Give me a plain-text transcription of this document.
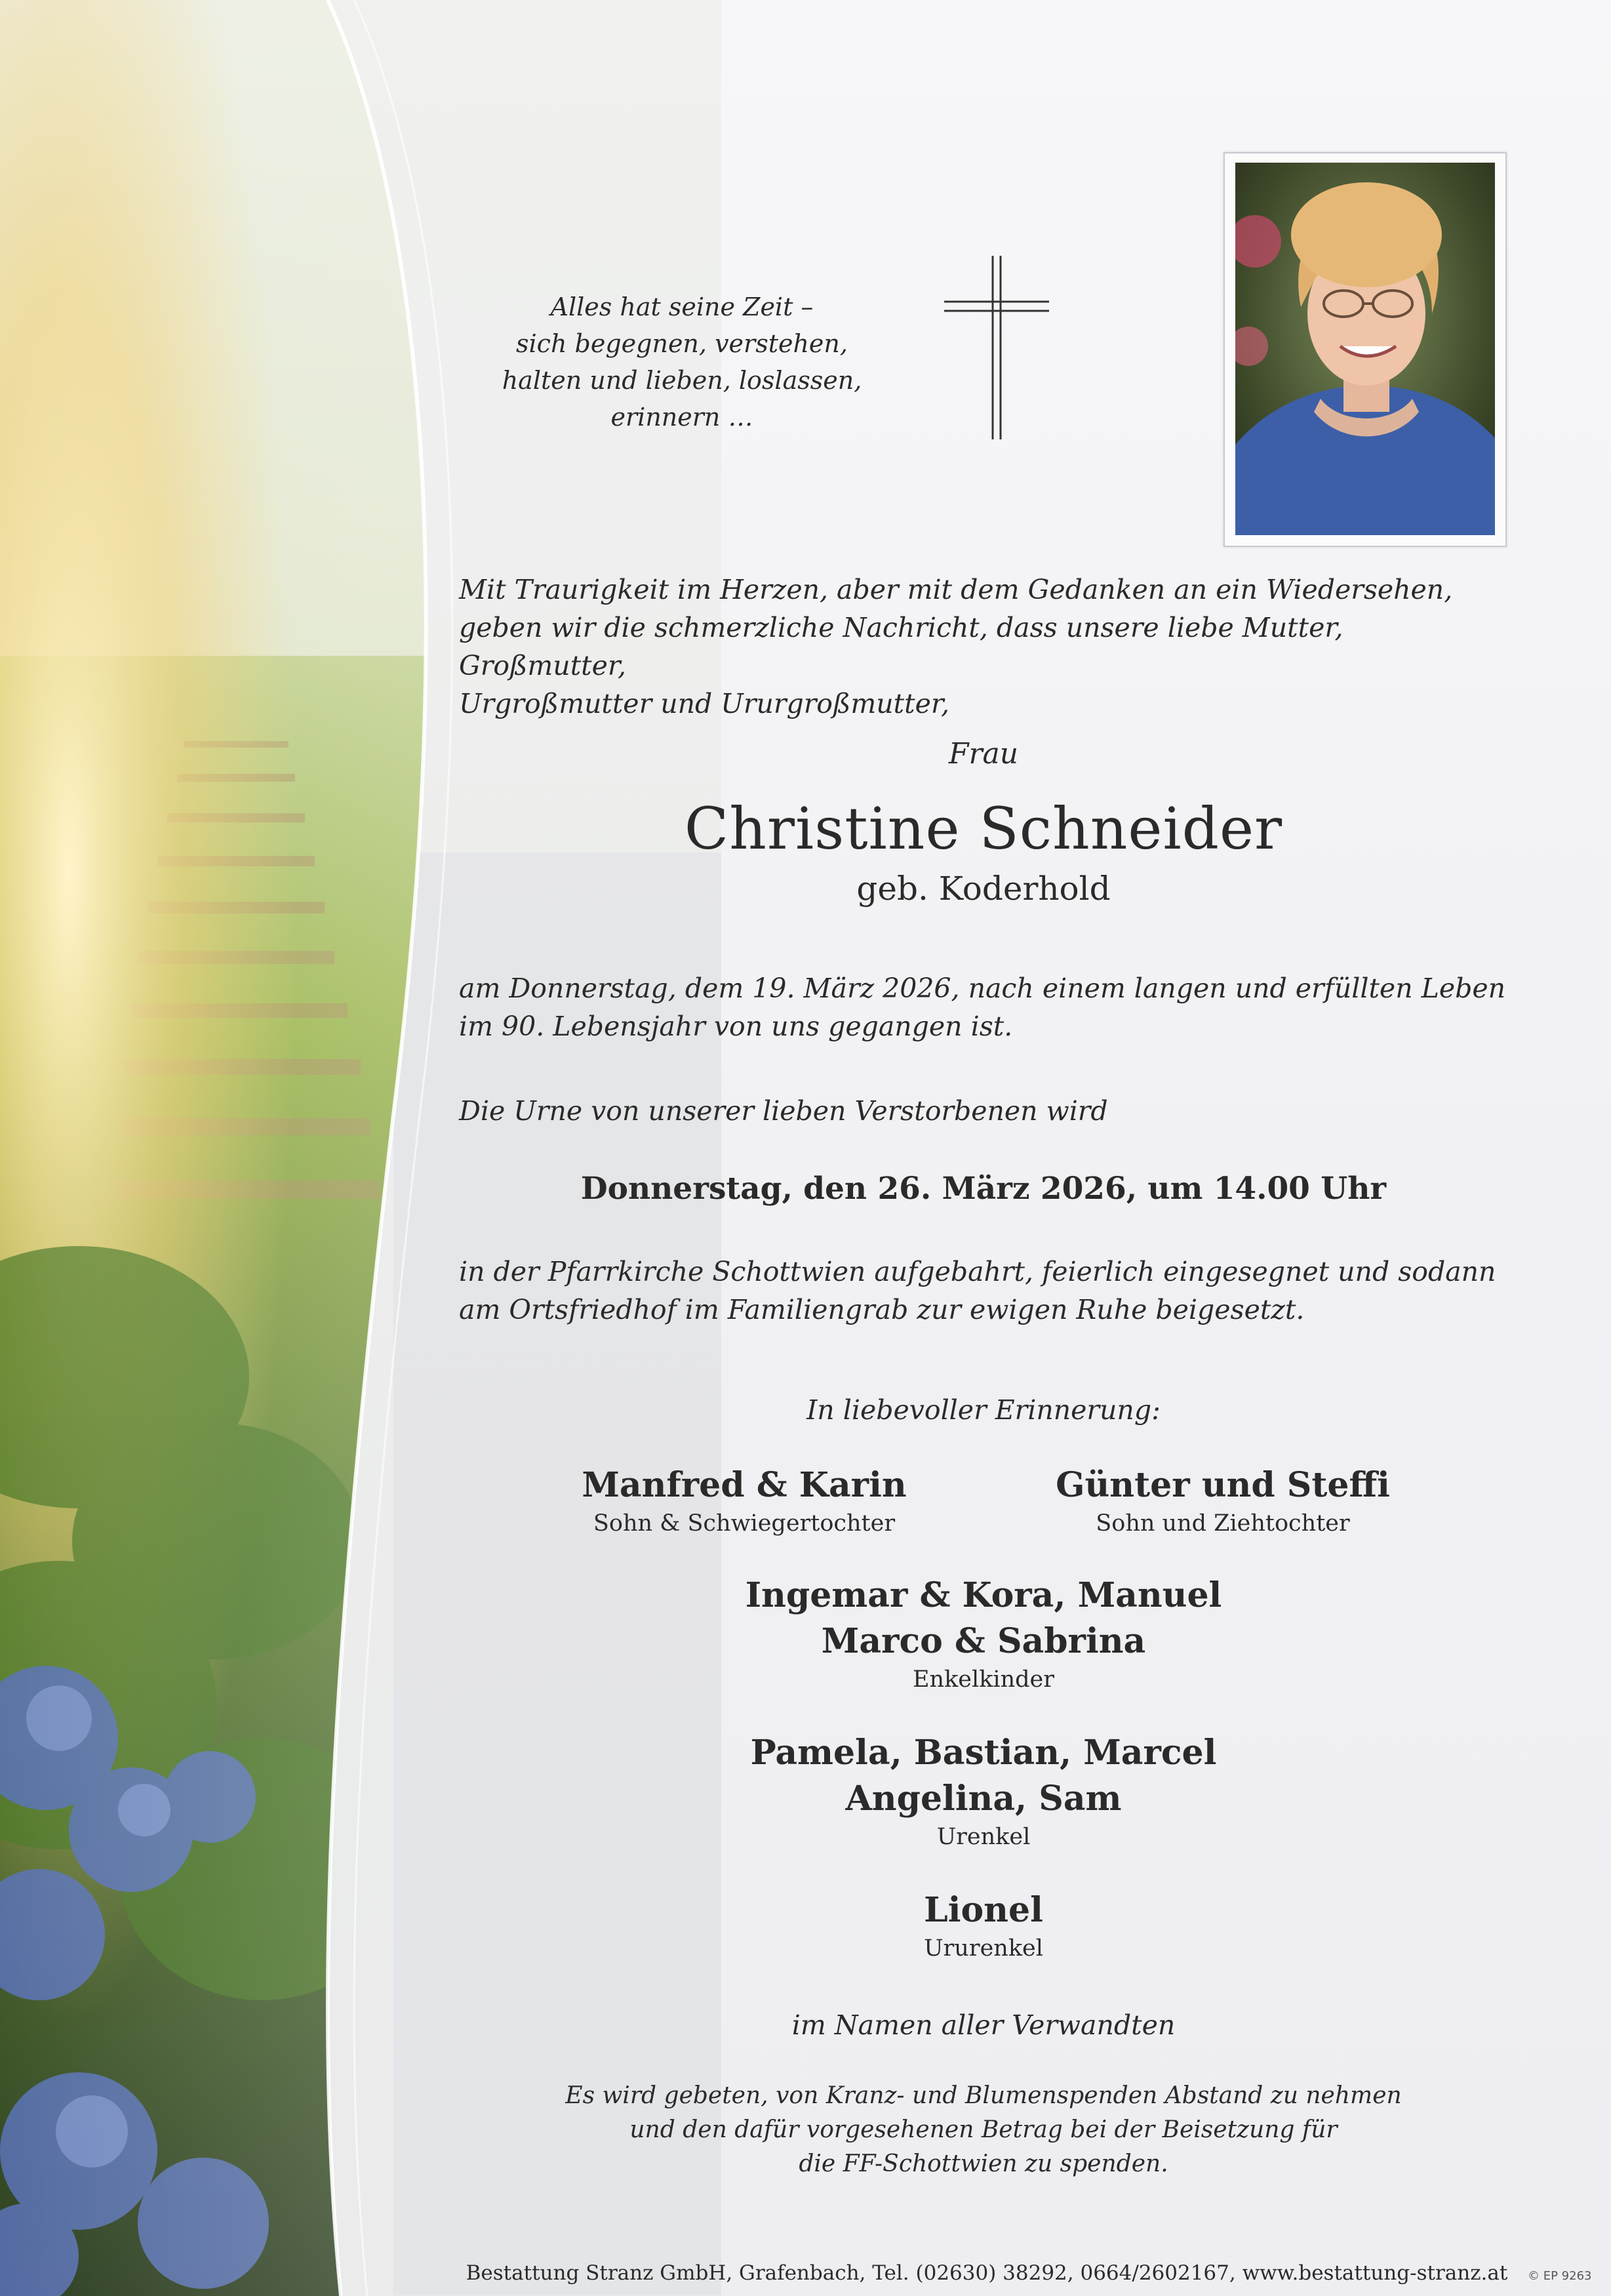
Alles hat seine Zeit –
sich begegnen, verstehen,
halten und lieben, loslassen,
erinnern …
Mit Traurigkeit im Herzen, aber mit dem Gedanken an ein Wiedersehen,
geben wir die schmerzliche Nachricht, dass unsere liebe Mutter, Großmutter,
Urgroßmutter und Ururgroßmutter,
Frau
Christine Schneider
geb. Koderhold
am Donnerstag, dem 19. März 2026, nach einem langen und erfüllten Leben
im 90. Lebensjahr von uns gegangen ist.
Die Urne von unserer lieben Verstorbenen wird
Donnerstag, den 26. März 2026, um 14.00 Uhr
in der Pfarrkirche Schottwien aufgebahrt, feierlich eingesegnet und sodann
am Ortsfriedhof im Familiengrab zur ewigen Ruhe beigesetzt.
In liebevoller Erinnerung:
Manfred & Karin
Sohn & Schwiegertochter
Günter und Steffi
Sohn und Ziehtochter
Ingemar & Kora, Manuel
Marco & Sabrina
Enkelkinder
Pamela, Bastian, Marcel
Angelina, Sam
Urenkel
Lionel
Ururenkel
im Namen aller Verwandten
Es wird gebeten, von Kranz- und Blumenspenden Abstand zu nehmen
und den dafür vorgesehenen Betrag bei der Beisetzung für
die FF-Schottwien zu spenden.
Bestattung Stranz GmbH, Grafenbach, Tel. (02630) 38292, 0664/2602167, www.bestattung-stranz.at	© EP 9263
